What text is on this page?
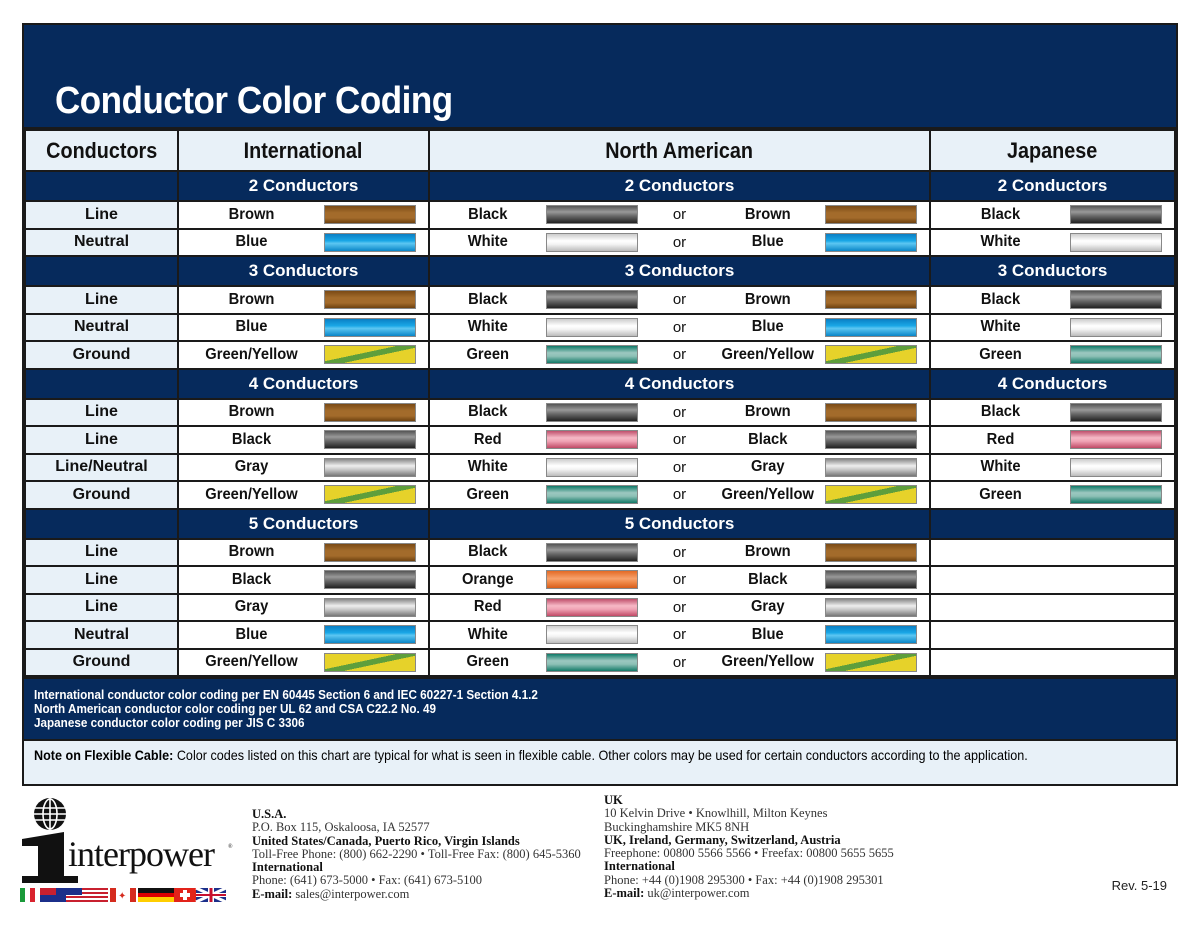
Conductor Color Coding
Conductors	International	North American	Japanese
	2 Conductors	2 Conductors	2 Conductors
Line	Brown	Black or Brown	Black

Neutral	Blue	White or Blue	White

	3 Conductors	3 Conductors	3 Conductors
Line	Brown	Black or Brown	Black

Neutral	Blue	White or Blue	White

Ground	Green/Yellow	Green or Green/Yellow	Green

	4 Conductors	4 Conductors	4 Conductors
Line	Brown	Black or Brown	Black

Line	Black	Red or Black	Red

Line/Neutral	Gray	White or Gray	White

Ground	Green/Yellow	Green or Green/Yellow	Green

	5 Conductors	5 Conductors	
Line	Brown	Black or Brown	

Line	Black	Orange or Black	

Line	Gray	Red or Gray	

Neutral	Blue	White or Blue	

Ground	Green/Yellow	Green or Green/Yellow	

International conductor color coding per EN 60445 Section 6 and IEC 60227-1 Section 4.1.2
North American conductor color coding per UL 62 and CSA C22.2 No. 49
Japanese conductor color coding per JIS C 3306
Note on Flexible Cable: Color codes listed on this chart are typical for what is seen in flexible cable. Other colors may be used for certain conductors according to the application.
interpower ®
✦
U.S.A.
P.O. Box 115, Oskaloosa, IA 52577
United States/Canada, Puerto Rico, Virgin Islands
Toll-Free Phone: (800) 662-2290 • Toll-Free Fax: (800) 645-5360
International
Phone: (641) 673-5000 • Fax: (641) 673-5100
E-mail: sales@interpower.com
UK
10 Kelvin Drive • Knowlhill, Milton Keynes
Buckinghamshire MK5 8NH
UK, Ireland, Germany, Switzerland, Austria
Freephone: 00800 5566 5566 • Freefax: 00800 5655 5655
International
Phone: +44 (0)1908 295300 • Fax: +44 (0)1908 295301
E-mail: uk@interpower.com
Rev. 5-19
